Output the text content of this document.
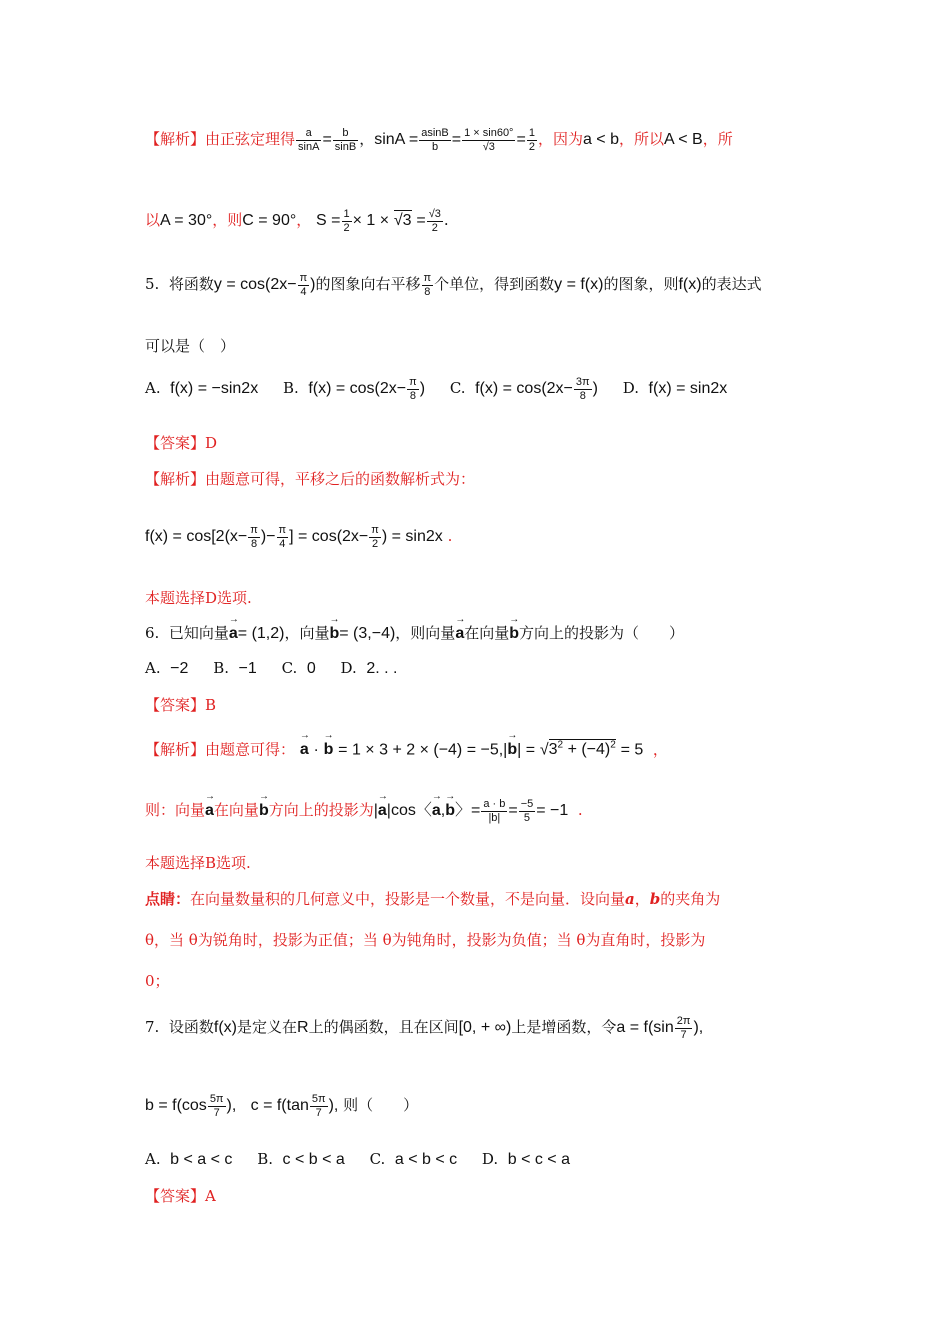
【解析】由正弦定理得 $\frac{a}{\sin A} = \frac{b}{\sin B}$ ，$\sin A = \frac{asinB}{b} = \frac{1 \times \sin 60^\circ}{√3} = \frac{1}{2}$ ，因为a < b，所以A < B，所
以A = 30°，则C = 90°， $S = \frac{1}{2} \times 1 \times √3 = \frac{√3}{2}$ .
5. 将函数$y = \cos(2x- \frac{\pi}{4}$ )的图象向右平移 $\frac{\pi}{8}$ 个单位，得到函数y = f(x)的图象，则f(x)的表达式
可以是（　）
A. f(x) = −sin2x B. $f(x) = \cos(2x- \frac{\pi}{8}$ ) C. $f(x) = \cos(2x- \frac{3\pi}{8}$ ) D. f(x) = sin2x
【答案】D
【解析】由题意可得，平移之后的函数解析式为：
$f(x) = \cos[2(x- \frac{\pi}{8}$ )− $\frac{\pi}{4}$ ] = $\cos(2x- \frac{\pi}{2}$ ) = sin2x .
本题选择D选项.
6. 已知向量→ a= (1,2)，向量→ b= (3,−4)，则向量→ a在向量→ b方向上的投影为（　　）
A. −2 B. −1 C. 0 D. 2. . .
【答案】B
【解析】由题意可得： → a · → $b = 1 \times 3 + 2 \times (-4) = -5,|\to b| = √3^2 + (-4)^2 = 5$ ，
则：向量→ a在向量→ b方向上的投影为|→ a|cos〈→ a,→ b〉= $\frac{a \cdot b}{|b|} = \frac{-5}{5} = -1$ .
本题选择B选项.
点睛：在向量数量积的几何意义中，投影是一个数量，不是向量．设向量a，b的夹角为
θ，当 θ为锐角时，投影为正值；当 θ为钝角时，投影为负值；当 θ为直角时，投影为
0；
7. 设函数f(x)是定义在R上的偶函数，且在区间[0, + ∞)上是增函数，令$a = f(\sin \frac{2\pi}{7}$ ),
$b = f(\cos \frac{5\pi}{7}$ ), $c = f(\tan \frac{5\pi}{7}$ ), 则（　　）
A. b < a < c B. c < b < a C. a < b < c D. b < c < a
【答案】A
